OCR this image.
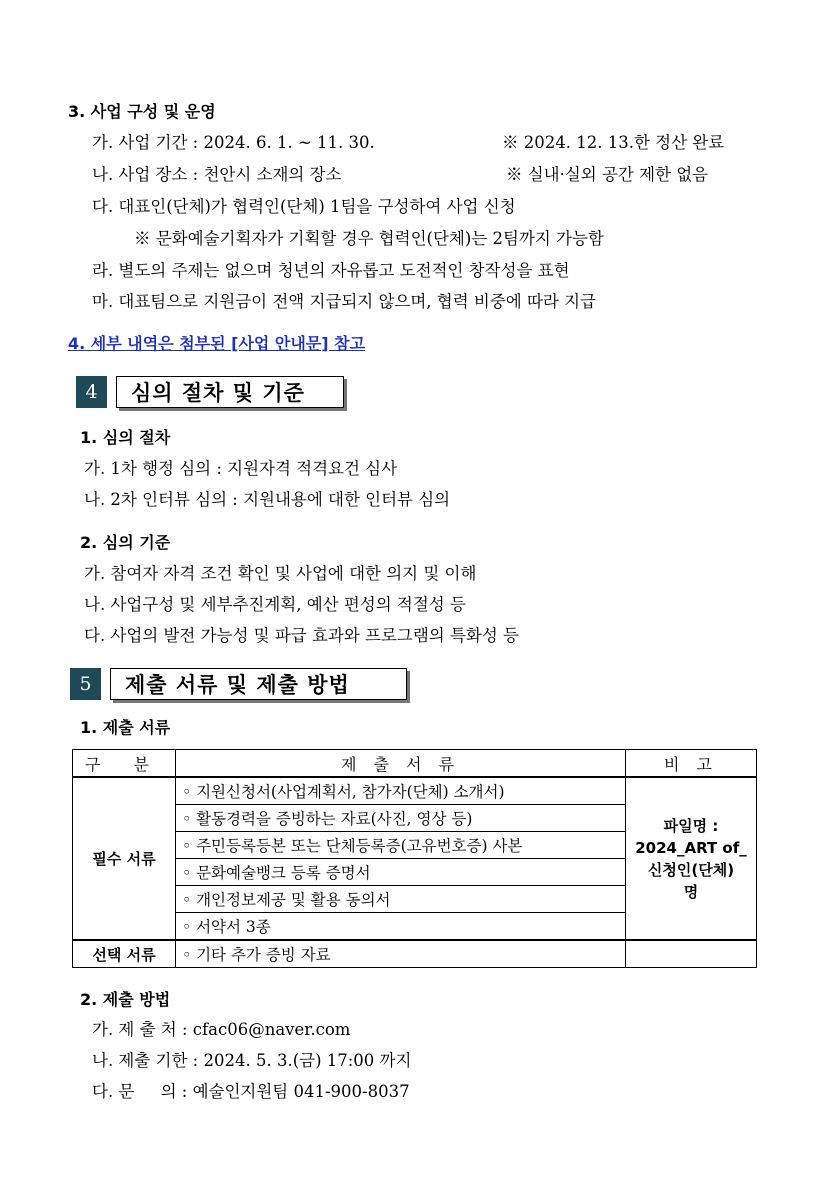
3. 사업 구성 및 운영
가. 사업 기간 : 2024. 6. 1. ~ 11. 30.	※ 2024. 12. 13.한 정산 완료
나. 사업 장소 : 천안시 소재의 장소	※ 실내·실외 공간 제한 없음
다. 대표인(단체)가 협력인(단체) 1팀을 구성하여 사업 신청
※ 문화예술기획자가 기획할 경우 협력인(단체)는 2팀까지 가능함
라. 별도의 주제는 없으며 청년의 자유롭고 도전적인 창작성을 표현
마. 대표팀으로 지원금이 전액 지급되지 않으며, 협력 비중에 따라 지급
4. 세부 내역은 첨부된 [사업 안내문] 참고
4	심의 절차 및 기준
1. 심의 절차
가. 1차 행정 심의 : 지원자격 적격요건 심사
나. 2차 인터뷰 심의 : 지원내용에 대한 인터뷰 심의
2. 심의 기준
가. 참여자 자격 조건 확인 및 사업에 대한 의지 및 이해
나. 사업구성 및 세부추진계획, 예산 편성의 적절성 등
다. 사업의 발전 가능성 및 파급 효과와 프로그램의 특화성 등
5	제출 서류 및 제출 방법
1. 제출 서류
구 분	제 출 서 류	비 고
필수 서류	◦ 지원신청서(사업계획서, 참가자(단체) 소개서)	파일명 :
2024_ART of_
신청인(단체)
명

	◦ 활동경력을 증빙하는 자료(사진, 영상 등)	
	◦ 주민등록등본 또는 단체등록증(고유번호증) 사본	
	◦ 문화예술뱅크 등록 증명서	
	◦ 개인정보제공 및 활용 동의서	
	◦ 서약서 3종	
선택 서류	◦ 기타 추가 증빙 자료	
2. 제출 방법
가. 제 출 처 : cfac06@naver.com
나. 제출 기한 : 2024. 5. 3.(금) 17:00 까지
다. 문     의 : 예술인지원팀 041-900-8037
